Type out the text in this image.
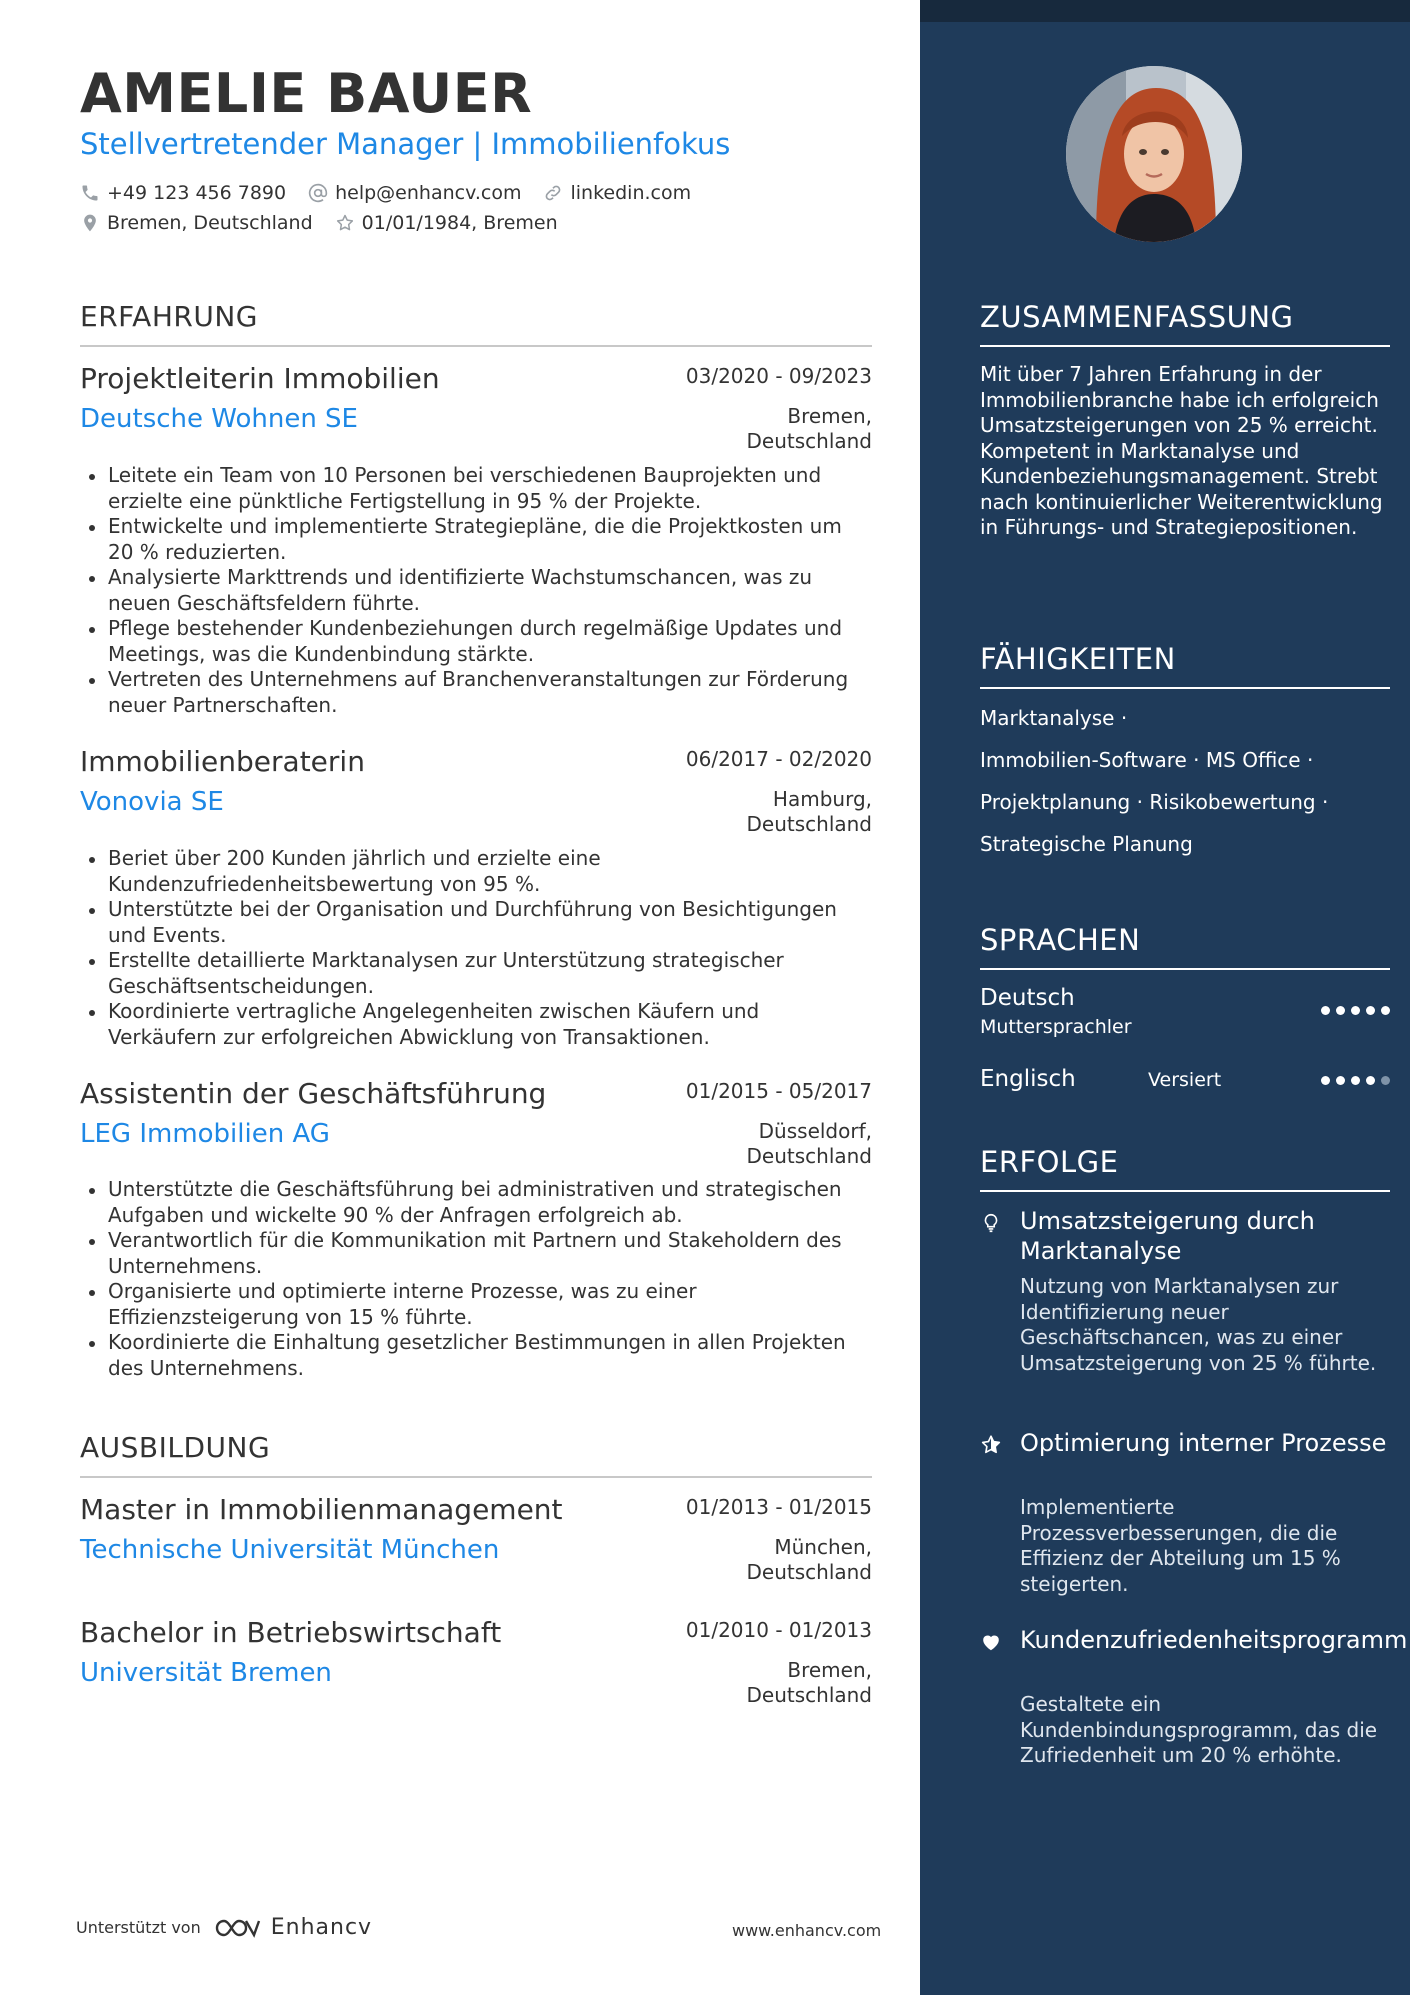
AMELIE BAUER
Stellvertretender Manager | Immobilienfokus
+49 123 456 7890	help@enhancv.com	linkedin.com
Bremen, Deutschland	01/01/1984, Bremen
ERFAHRUNG
Projektleiterin Immobilien	03/2020 - 09/2023
Deutsche Wohnen SE	Bremen,
Deutschland
Leitete ein Team von 10 Personen bei verschiedenen Bauprojekten und erzielte eine pünktliche Fertigstellung in 95 % der Projekte.
Entwickelte und implementierte Strategiepläne, die die Projektkosten um 20 % reduzierten.
Analysierte Markttrends und identifizierte Wachstumschancen, was zu neuen Geschäftsfeldern führte.
Pflege bestehender Kundenbeziehungen durch regelmäßige Updates und Meetings, was die Kundenbindung stärkte.
Vertreten des Unternehmens auf Branchenveranstaltungen zur Förderung neuer Partnerschaften.
Immobilienberaterin	06/2017 - 02/2020
Vonovia SE	Hamburg,
Deutschland
Beriet über 200 Kunden jährlich und erzielte eine Kundenzufriedenheitsbewertung von 95 %.
Unterstützte bei der Organisation und Durchführung von Besichtigungen und Events.
Erstellte detaillierte Marktanalysen zur Unterstützung strategischer Geschäftsentscheidungen.
Koordinierte vertragliche Angelegenheiten zwischen Käufern und Verkäufern zur erfolgreichen Abwicklung von Transaktionen.
Assistentin der Geschäftsführung	01/2015 - 05/2017
LEG Immobilien AG	Düsseldorf,
Deutschland
Unterstützte die Geschäftsführung bei administrativen und strategischen Aufgaben und wickelte 90 % der Anfragen erfolgreich ab.
Verantwortlich für die Kommunikation mit Partnern und Stakeholdern des Unternehmens.
Organisierte und optimierte interne Prozesse, was zu einer Effizienzsteigerung von 15 % führte.
Koordinierte die Einhaltung gesetzlicher Bestimmungen in allen Projekten des Unternehmens.
AUSBILDUNG
Master in Immobilienmanagement	01/2013 - 01/2015
Technische Universität München	München,
Deutschland
Bachelor in Betriebswirtschaft	01/2010 - 01/2013
Universität Bremen	Bremen,
Deutschland
Unterstützt von	Enhancv	www.enhancv.com
ZUSAMMENFASSUNG
Mit über 7 Jahren Erfahrung in der Immobilienbranche habe ich erfolgreich Umsatzsteigerungen von 25 % erreicht. Kompetent in Marktanalyse und Kundenbeziehungsmanagement. Strebt nach kontinuierlicher Weiterentwicklung in Führungs- und Strategiepositionen.
FÄHIGKEITEN
Marktanalyse ·
Immobilien-Software · MS Office ·
Projektplanung · Risikobewertung ·
Strategische Planung
SPRACHEN
Deutsch
Muttersprachler
Englisch	Versiert
ERFOLGE
Umsatzsteigerung durch Marktanalyse
Nutzung von Marktanalysen zur Identifizierung neuer Geschäftschancen, was zu einer Umsatzsteigerung von 25 % führte.
Optimierung interner Prozesse
Implementierte Prozessverbesserungen, die die Effizienz der Abteilung um 15 % steigerten.
Kundenzufriedenheitsprogramm
Gestaltete ein Kundenbindungsprogramm, das die Zufriedenheit um 20 % erhöhte.
